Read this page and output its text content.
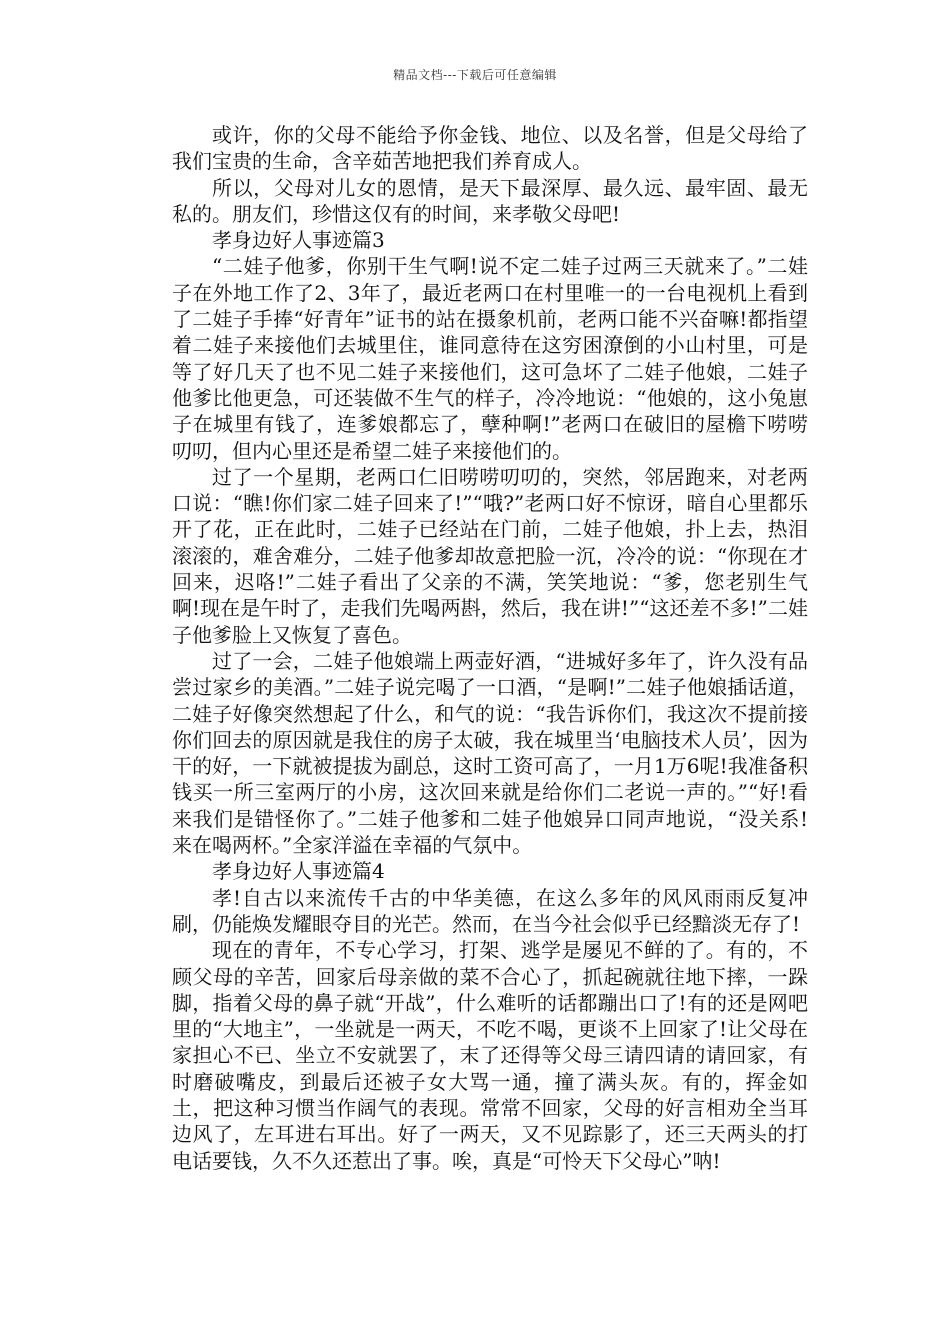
精品文档---下载后可任意编辑

或许，你的父母不能给予你金钱、地位、以及名誉，但是父母给了我们宝贵的生命，含辛茹苦地把我们养育成人。

所以，父母对儿女的恩情，是天下最深厚、最久远、最牢固、最无私的。朋友们，珍惜这仅有的时间，来孝敬父母吧!

孝身边好人事迹篇3

“二娃子他爹，你别干生气啊!说不定二娃子过两三天就来了。”二娃子在外地工作了2、3年了，最近老两口在村里唯一的一台电视机上看到了二娃子手捧“好青年”证书的站在摄象机前，老两口能不兴奋嘛!都指望着二娃子来接他们去城里住，谁同意待在这穷困潦倒的小山村里，可是等了好几天了也不见二娃子来接他们，这可急坏了二娃子他娘，二娃子他爹比他更急，可还装做不生气的样子，冷冷地说：“他娘的，这小兔崽子在城里有钱了，连爹娘都忘了，孽种啊!”老两口在破旧的屋檐下唠唠叨叨，但内心里还是希望二娃子来接他们的。

过了一个星期，老两口仁旧唠唠叨叨的，突然，邻居跑来，对老两口说：“瞧!你们家二娃子回来了!”“哦?”老两口好不惊讶，暗自心里都乐开了花，正在此时，二娃子已经站在门前，二娃子他娘，扑上去，热泪滚滚的，难舍难分，二娃子他爹却故意把脸一沉，冷冷的说：“你现在才回来，迟咯!”二娃子看出了父亲的不满，笑笑地说：“爹，您老别生气啊!现在是午时了，走我们先喝两斟，然后，我在讲!”“这还差不多!”二娃子他爹脸上又恢复了喜色。

过了一会，二娃子他娘端上两壶好酒，“进城好多年了，许久没有品尝过家乡的美酒。”二娃子说完喝了一口酒，“是啊!”二娃子他娘插话道，二娃子好像突然想起了什么，和气的说：“我告诉你们，我这次不提前接你们回去的原因就是我住的房子太破，我在城里当‘电脑技术人员’，因为干的好，一下就被提拔为副总，这时工资可高了，一月1万6呢!我准备积钱买一所三室两厅的小房，这次回来就是给你们二老说一声的。”“好!看来我们是错怪你了。”二娃子他爹和二娃子他娘异口同声地说，“没关系!来在喝两杯。”全家洋溢在幸福的气氛中。

孝身边好人事迹篇4

孝!自古以来流传千古的中华美德，在这么多年的风风雨雨反复冲刷，仍能焕发耀眼夺目的光芒。然而，在当今社会似乎已经黯淡无存了!

现在的青年，不专心学习，打架、逃学是屡见不鲜的了。有的，不顾父母的辛苦，回家后母亲做的菜不合心了，抓起碗就往地下摔，一跺脚，指着父母的鼻子就“开战”，什么难听的话都蹦出口了!有的还是网吧里的“大地主”，一坐就是一两天，不吃不喝，更谈不上回家了!让父母在家担心不已、坐立不安就罢了，末了还得等父母三请四请的请回家，有时磨破嘴皮，到最后还被子女大骂一通，撞了满头灰。有的，挥金如土，把这种习惯当作阔气的表现。常常不回家，父母的好言相劝全当耳边风了，左耳进右耳出。好了一两天，又不见踪影了，还三天两头的打电话要钱，久不久还惹出了事。唉，真是“可怜天下父母心”呐!
